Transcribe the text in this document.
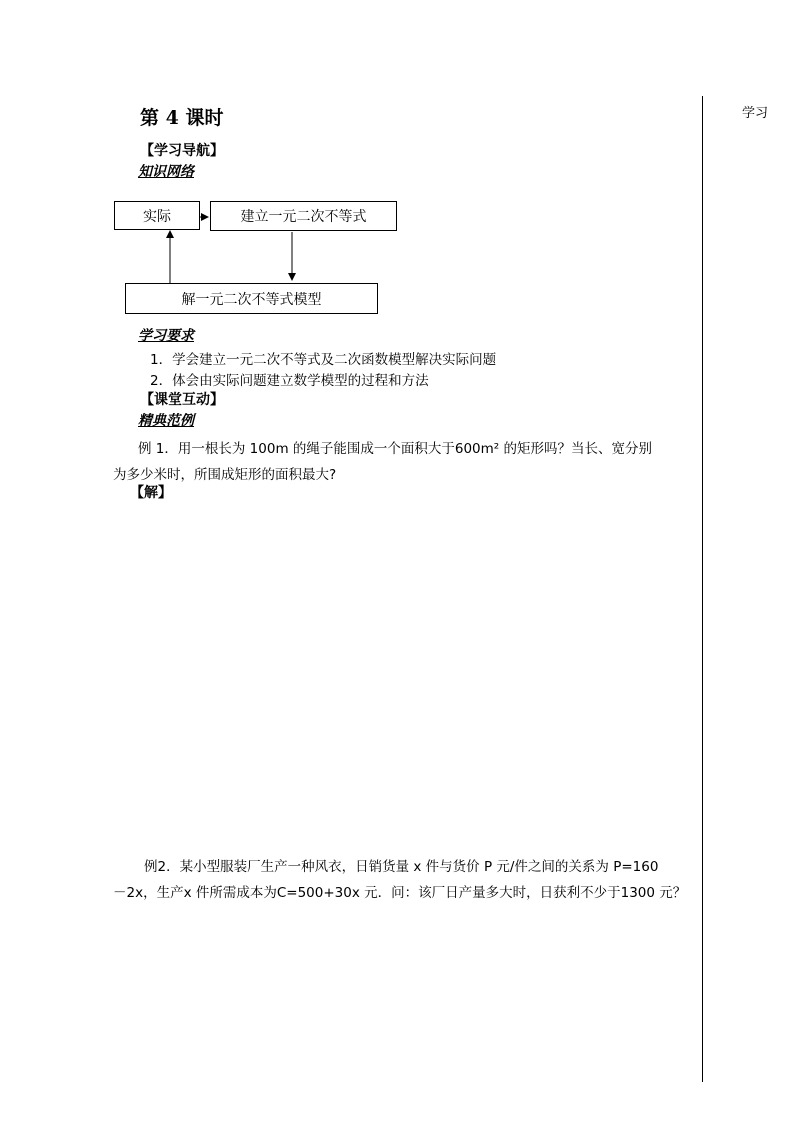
学习
第 4 课时
【学习导航】
知识网络
实际	建立一元二次不等式
解一元二次不等式模型
学习要求
1．学会建立一元二次不等式及二次函数模型解决实际问题
2．体会由实际问题建立数学模型的过程和方法
【课堂互动】
精典范例
例 1．用一根长为 100m 的绳子能围成一个面积大于600m² 的矩形吗？当长、宽分别
为多少米时，所围成矩形的面积最大?
【解】
例2．某小型服装厂生产一种风衣，日销货量 x 件与货价 P 元/件之间的关系为 P=160
－2x，生产x 件所需成本为C=500+30x 元．问：该厂日产量多大时，日获利不少于1300 元？
